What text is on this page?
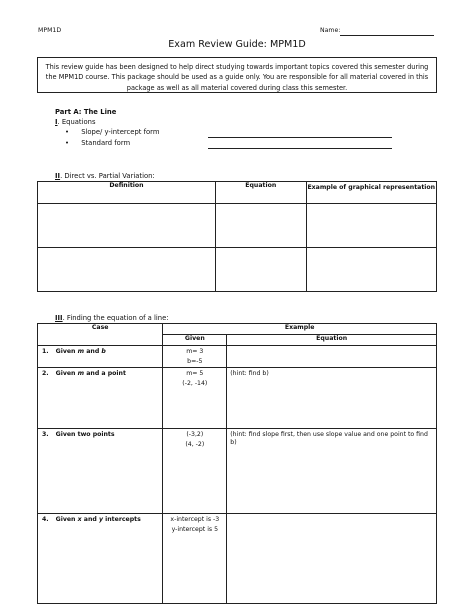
MPM1D	Name:
Exam Review Guide: MPM1D
This review guide has been designed to help direct studying towards important topics covered this semester during the MPM1D course. This package should be used as a guide only. You are responsible for all material covered in this package as well as all material covered during class this semester.
Part A: The Line
I. Equations
• Slope/ y-intercept form
• Standard form
II. Direct vs. Partial Variation:
Definition	Equation	Example of graphical representation

III. Finding the equation of a line:
Case	Example	
	Given	Equation
1. Given m and b	m= 3
b=-5	

2. Given m and a point	m= 5
(-2, -14)	(hint: find b)
3. Given two points	(-3,2)
(4, -2)	(hint: find slope first, then use slope value and one point to find b)
4. Given x and y intercepts	x-intercept is -3
y-intercept is 5	
